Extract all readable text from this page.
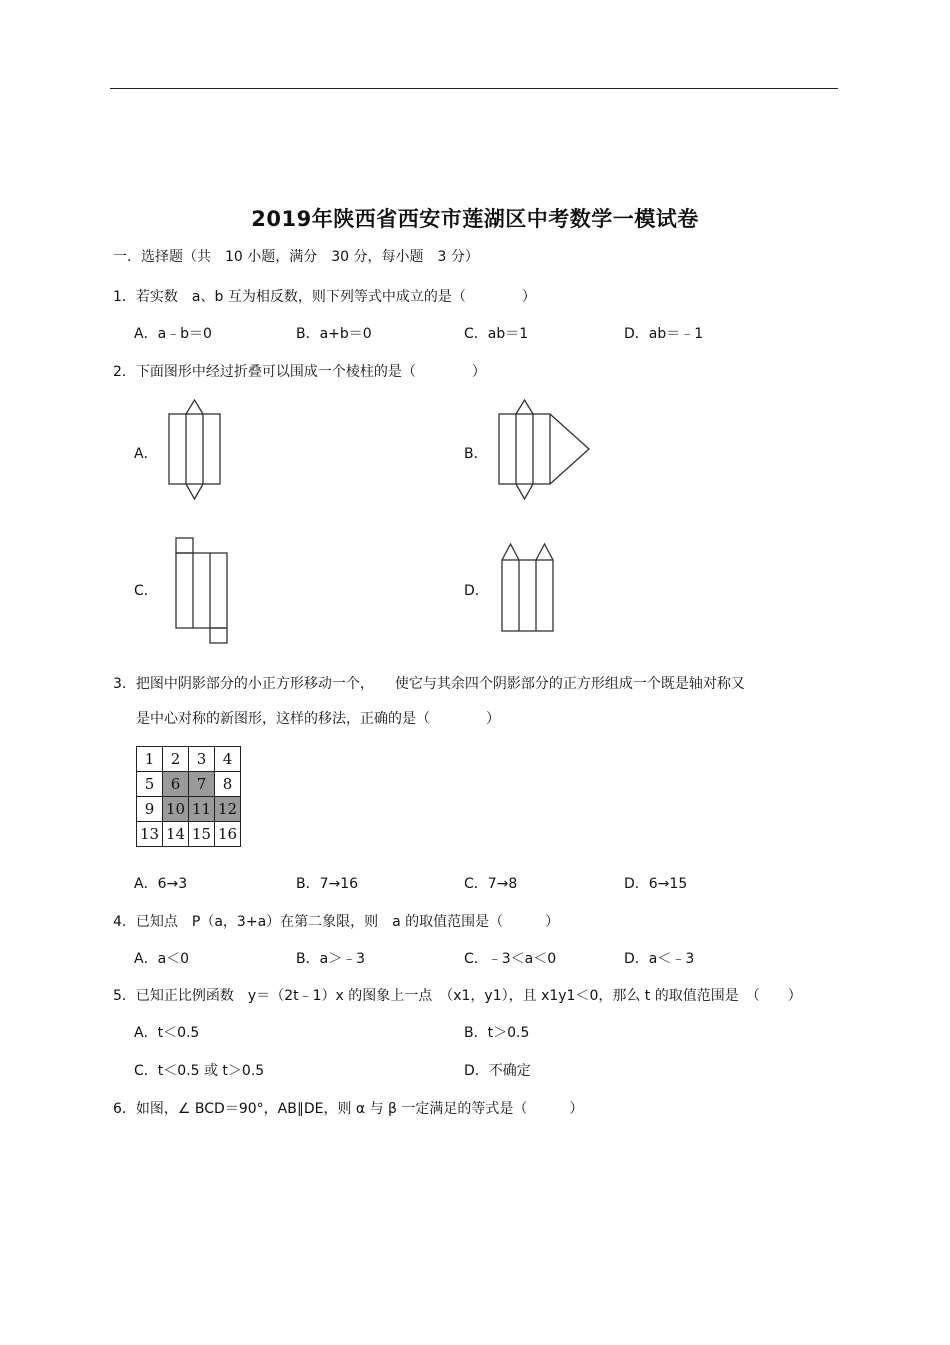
2019年陕西省西安市莲湖区中考数学一模试卷
一．选择题（共　10 小题，满分　30 分，每小题　3 分）
1．若实数　a、b 互为相反数，则下列等式中成立的是（　　　　）
A．a﹣b＝0	B．a+b＝0	C．ab＝1	D．ab＝﹣1
2．下面图形中经过折叠可以围成一个棱柱的是（　　　　）
A．	B．
C．	D．
3．把图中阴影部分的小正方形移动一个，　　使它与其余四个阴影部分的正方形组成一个既是轴对称又
是中心对称的新图形，这样的移法，正确的是（　　　　）
1	2	3	4
5	6	7	8
9	10	11	12
13	14	15	16
A．6→3	B．7→16	C．7→8	D．6→15
4．已知点　P（a，3+a）在第二象限，则　a 的取值范围是（　　　）
A．a＜0	B．a＞﹣3	C．﹣3＜a＜0	D．a＜﹣3
5．已知正比例函数　y＝（2t﹣1）x 的图象上一点　（x1，y1），且 x1y1＜0，那么 t 的取值范围是　（　　）
A．t＜0.5	B．t＞0.5
C．t＜0.5 或 t＞0.5	D．不确定
6．如图，∠ BCD＝90°，AB∥DE，则 α 与 β 一定满足的等式是（　　　）
